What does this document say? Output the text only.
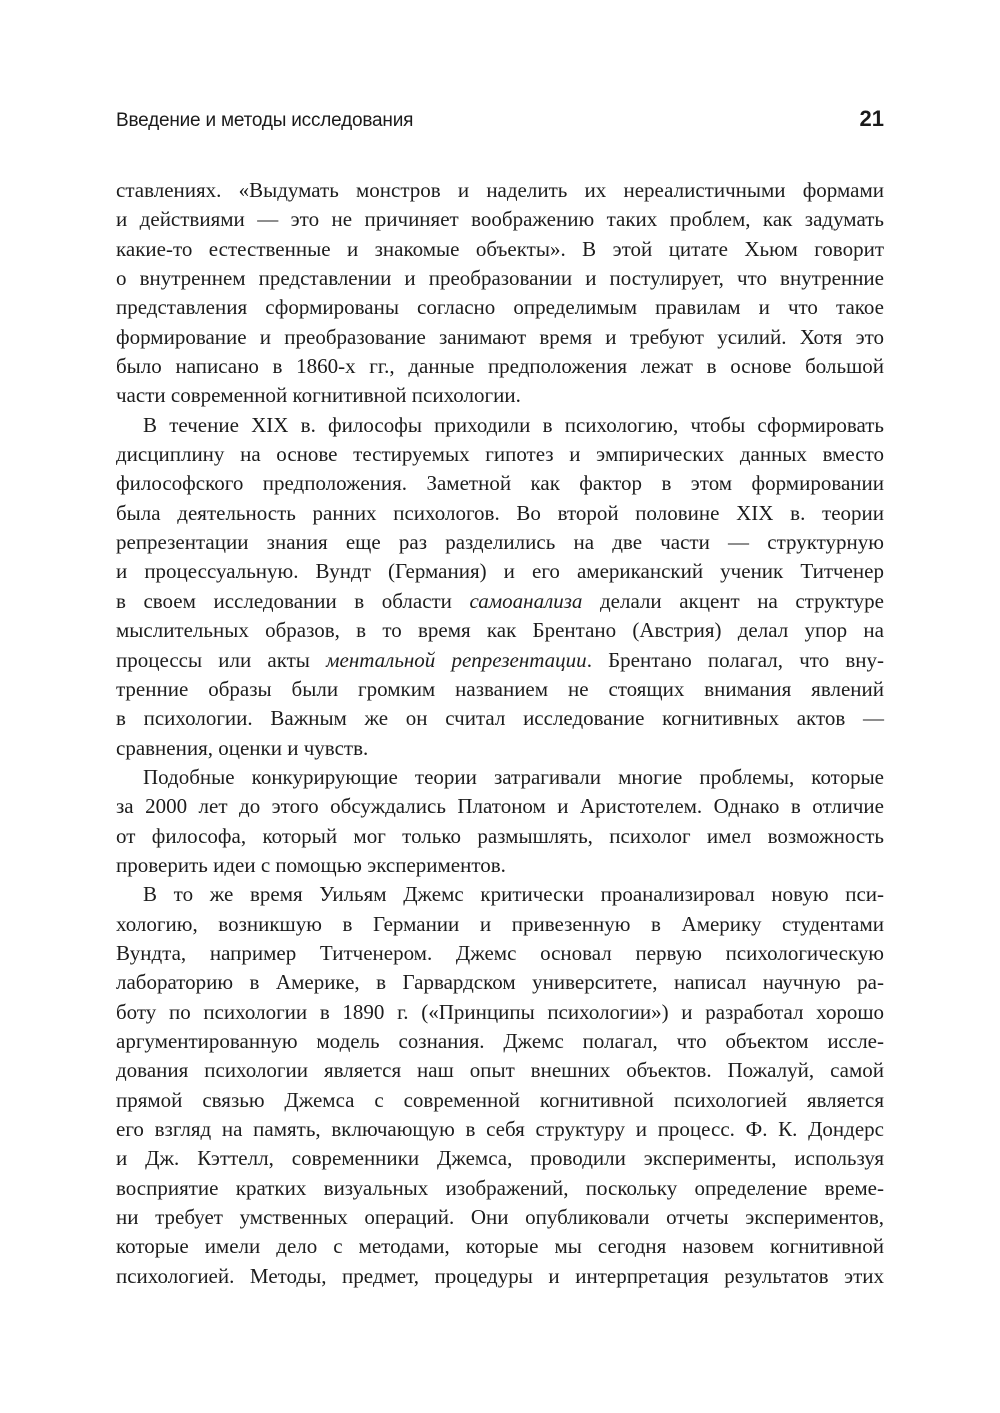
Введение и методы исследования	21
ставлениях. «Выдумать монстров и наделить их нереалистичными формами
и действиями — это не причиняет воображению таких проблем, как задумать
какие-то естественные и знакомые объекты». В этой цитате Хьюм говорит
о внутреннем представлении и преобразовании и постулирует, что внутренние
представления сформированы согласно определимым правилам и что такое
формирование и преобразование занимают время и требуют усилий. Хотя это
было написано в 1860-х гг., данные предположения лежат в основе большой
части современной когнитивной психологии.
В течение XIX в. философы приходили в психологию, чтобы сформировать
дисциплину на основе тестируемых гипотез и эмпирических данных вместо
философского предположения. Заметной как фактор в этом формировании
была деятельность ранних психологов. Во второй половине XIX в. теории
репрезентации знания еще раз разделились на две части — структурную
и процессуальную. Вундт (Германия) и его американский ученик Титченер
в своем исследовании в области самоанализа делали акцент на структуре
мыслительных образов, в то время как Брентано (Австрия) делал упор на
процессы или акты ментальной репрезентации. Брентано полагал, что вну-
тренние образы были громким названием не стоящих внимания явлений
в психологии. Важным же он считал исследование когнитивных актов —
сравнения, оценки и чувств.
Подобные конкурирующие теории затрагивали многие проблемы, которые
за 2000 лет до этого обсуждались Платоном и Аристотелем. Однако в отличие
от философа, который мог только размышлять, психолог имел возможность
проверить идеи с помощью экспериментов.
В то же время Уильям Джемс критически проанализировал новую пси-
хологию, возникшую в Германии и привезенную в Америку студентами
Вундта, например Титченером. Джемс основал первую психологическую
лабораторию в Америке, в Гарвардском университете, написал научную ра-
боту по психологии в 1890 г. («Принципы психологии») и разработал хорошо
аргументированную модель сознания. Джемс полагал, что объектом иссле-
дования психологии является наш опыт внешних объектов. Пожалуй, самой
прямой связью Джемса с современной когнитивной психологией является
его взгляд на память, включающую в себя структуру и процесс. Ф. К. Дондерс
и Дж. Кэттелл, современники Джемса, проводили эксперименты, используя
восприятие кратких визуальных изображений, поскольку определение време-
ни требует умственных операций. Они опубликовали отчеты экспериментов,
которые имели дело с методами, которые мы сегодня назовем когнитивной
психологией. Методы, предмет, процедуры и интерпретация результатов этих
